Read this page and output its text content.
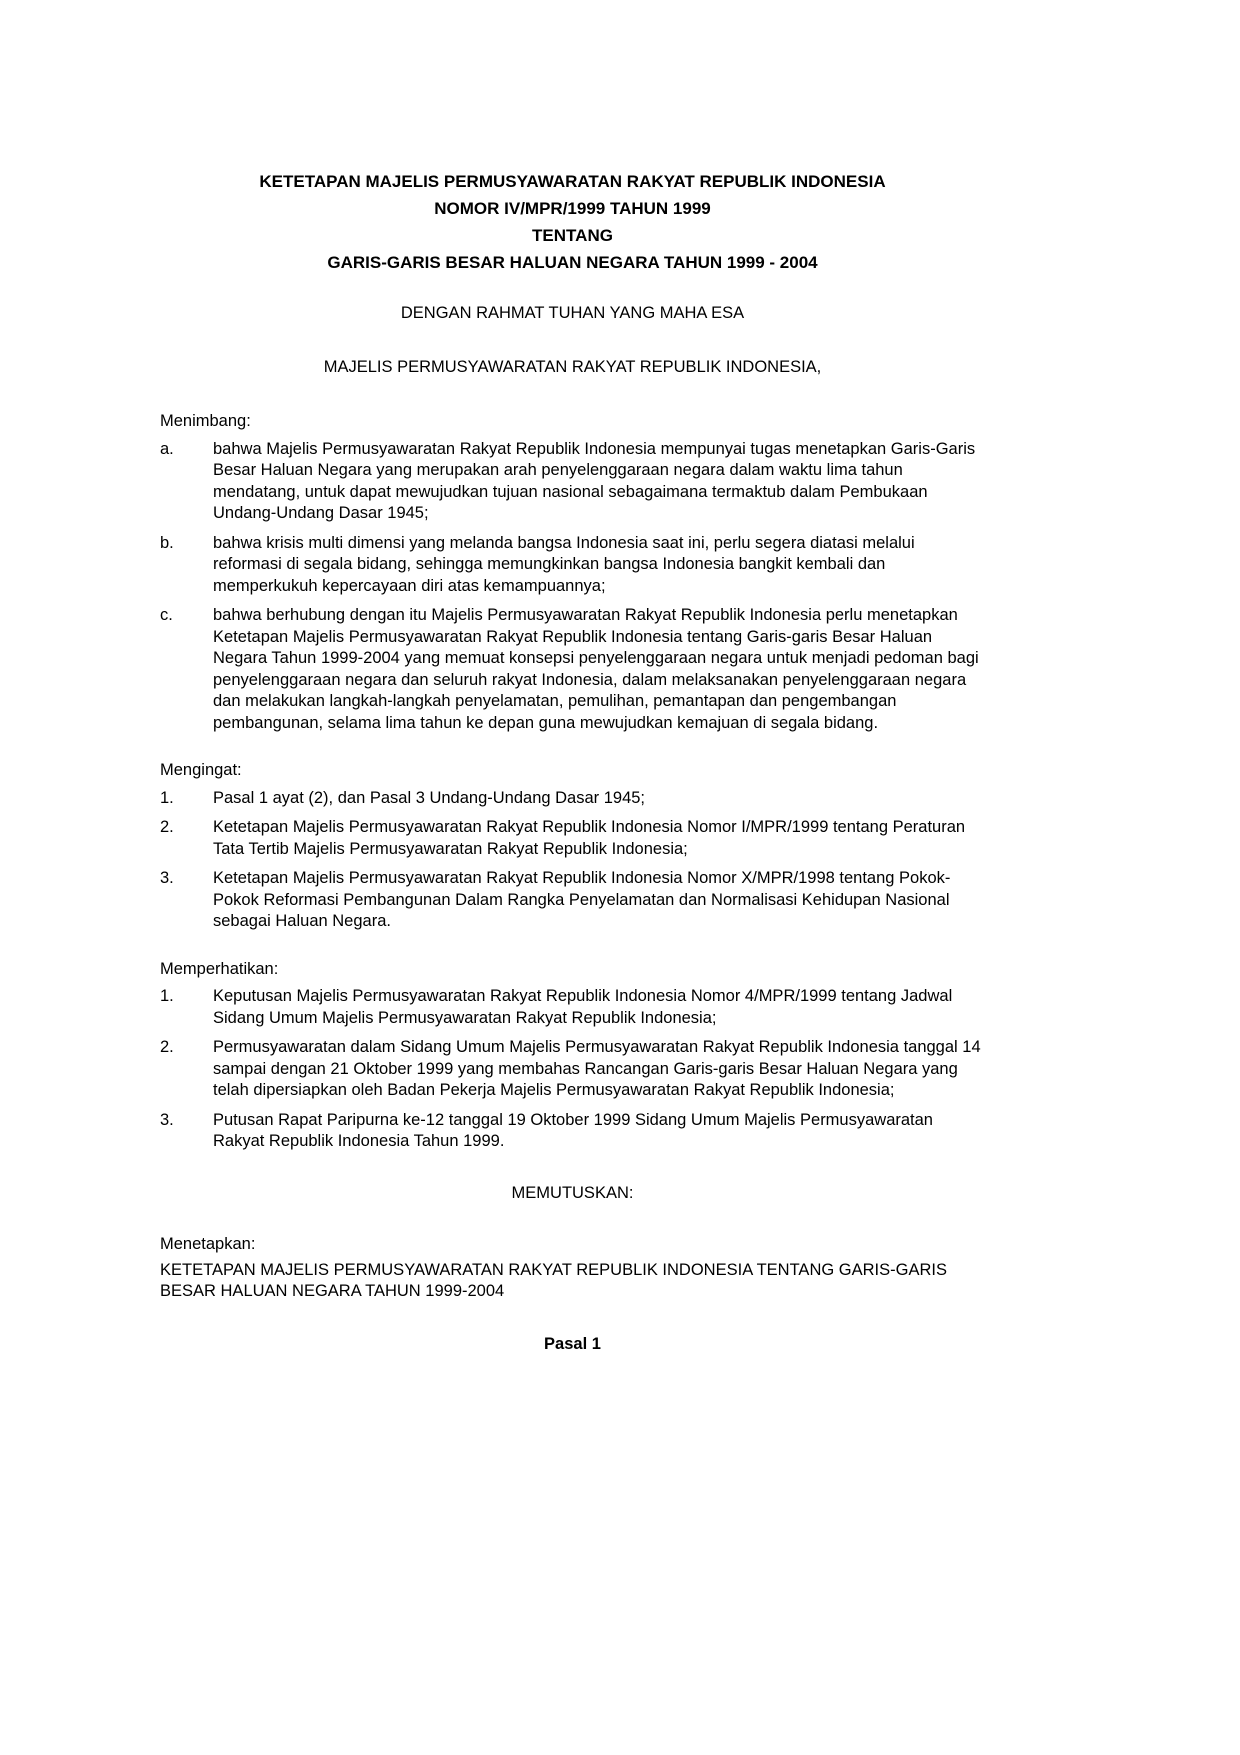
KETETAPAN MAJELIS PERMUSYAWARATAN RAKYAT REPUBLIK INDONESIA
NOMOR IV/MPR/1999 TAHUN 1999
TENTANG
GARIS-GARIS BESAR HALUAN NEGARA TAHUN 1999 - 2004
DENGAN RAHMAT TUHAN YANG MAHA ESA
MAJELIS PERMUSYAWARATAN RAKYAT REPUBLIK INDONESIA,
Menimbang:
a.	bahwa Majelis Permusyawaratan Rakyat Republik Indonesia mempunyai tugas menetapkan Garis-Garis Besar Haluan Negara yang merupakan arah penyelenggaraan negara dalam waktu lima tahun mendatang, untuk dapat mewujudkan tujuan nasional sebagaimana termaktub dalam Pembukaan Undang-Undang Dasar 1945;
b.	bahwa krisis multi dimensi yang melanda bangsa Indonesia saat ini, perlu segera diatasi melalui reformasi di segala bidang, sehingga memungkinkan bangsa Indonesia bangkit kembali dan memperkukuh kepercayaan diri atas kemampuannya;
c.	bahwa berhubung dengan itu Majelis Permusyawaratan Rakyat Republik Indonesia perlu menetapkan Ketetapan Majelis Permusyawaratan Rakyat Republik Indonesia tentang Garis-garis Besar Haluan Negara Tahun 1999-2004 yang memuat konsepsi penyelenggaraan negara untuk menjadi pedoman bagi penyelenggaraan negara dan seluruh rakyat Indonesia, dalam melaksanakan penyelenggaraan negara dan melakukan langkah-langkah penyelamatan, pemulihan, pemantapan dan pengembangan pembangunan, selama lima tahun ke depan guna mewujudkan kemajuan di segala bidang.
Mengingat:
1.	Pasal 1 ayat (2), dan Pasal 3 Undang-Undang Dasar 1945;
2.	Ketetapan Majelis Permusyawaratan Rakyat Republik Indonesia Nomor I/MPR/1999 tentang Peraturan Tata Tertib Majelis Permusyawaratan Rakyat Republik Indonesia;
3.	Ketetapan Majelis Permusyawaratan Rakyat Republik Indonesia Nomor X/MPR/1998 tentang Pokok-Pokok Reformasi Pembangunan Dalam Rangka Penyelamatan dan Normalisasi Kehidupan Nasional sebagai Haluan Negara.
Memperhatikan:
1.	Keputusan Majelis Permusyawaratan Rakyat Republik Indonesia Nomor 4/MPR/1999 tentang Jadwal Sidang Umum Majelis Permusyawaratan Rakyat Republik Indonesia;
2.	Permusyawaratan dalam Sidang Umum Majelis Permusyawaratan Rakyat Republik Indonesia tanggal 14 sampai dengan 21 Oktober 1999 yang membahas Rancangan Garis-garis Besar Haluan Negara yang telah dipersiapkan oleh Badan Pekerja Majelis Permusyawaratan Rakyat Republik Indonesia;
3.	Putusan Rapat Paripurna ke-12 tanggal 19 Oktober 1999 Sidang Umum Majelis Permusyawaratan Rakyat Republik Indonesia Tahun 1999.
MEMUTUSKAN:
Menetapkan:
KETETAPAN MAJELIS PERMUSYAWARATAN RAKYAT REPUBLIK INDONESIA TENTANG GARIS-GARIS BESAR HALUAN NEGARA TAHUN 1999-2004
Pasal 1
